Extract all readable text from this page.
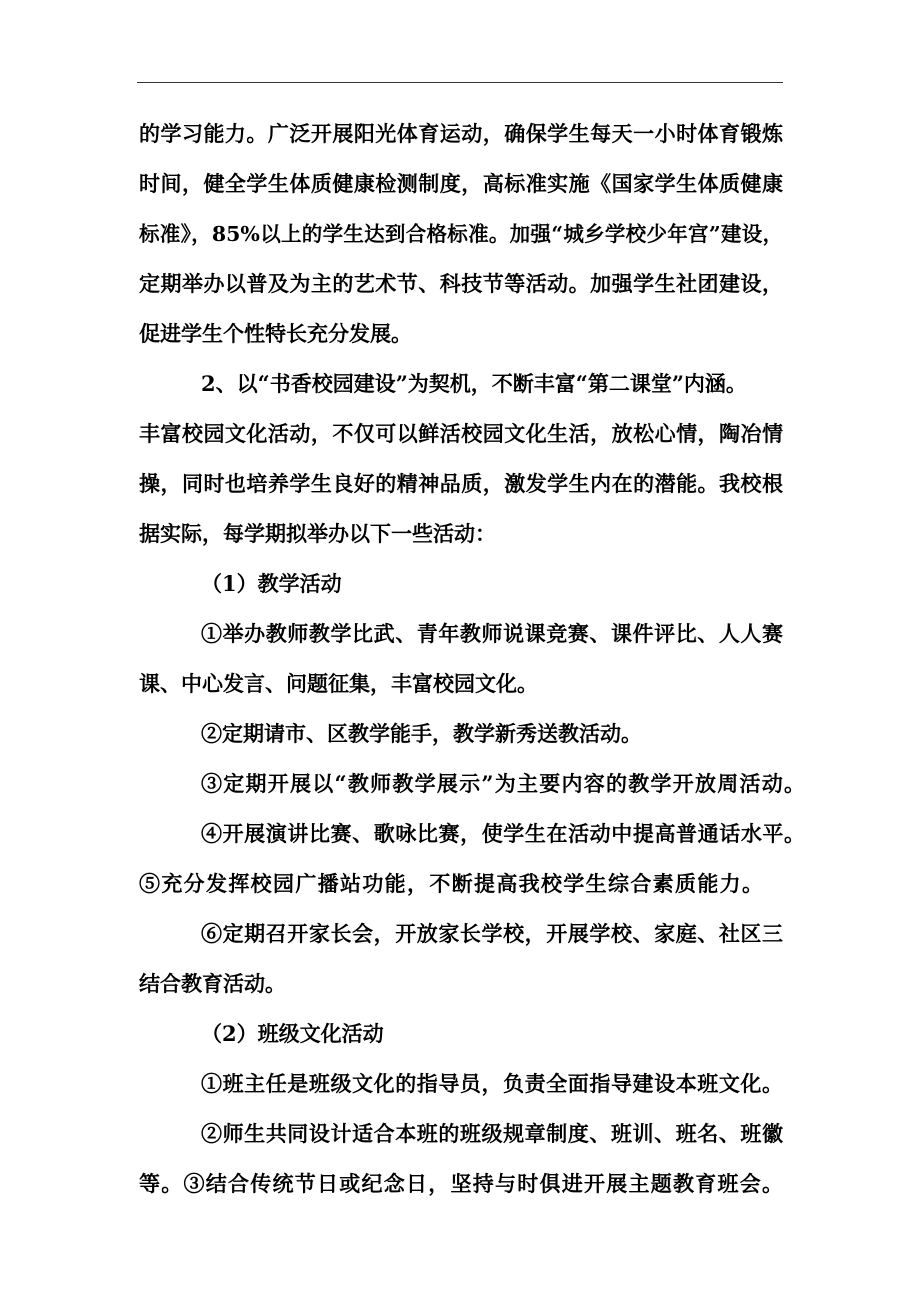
的学习能力。广泛开展阳光体育运动，确保学生每天一小时体育锻炼
时间，健全学生体质健康检测制度，高标准实施《国家学生体质健康
标准》，85%以上的学生达到合格标准。加强“城乡学校少年宫”建设，
定期举办以普及为主的艺术节、科技节等活动。加强学生社团建设，
促进学生个性特长充分发展。
2、以“书香校园建设”为契机，不断丰富“第二课堂”内涵。
丰富校园文化活动，不仅可以鲜活校园文化生活，放松心情，陶冶情
操，同时也培养学生良好的精神品质，激发学生内在的潜能。我校根
据实际，每学期拟举办以下一些活动：
（1）教学活动
①举办教师教学比武、青年教师说课竞赛、课件评比、人人赛
课、中心发言、问题征集，丰富校园文化。
②定期请市、区教学能手，教学新秀送教活动。
③定期开展以“教师教学展示”为主要内容的教学开放周活动。
④开展演讲比赛、歌咏比赛，使学生在活动中提高普通话水平。
⑤充分发挥校园广播站功能，不断提高我校学生综合素质能力。
⑥定期召开家长会，开放家长学校，开展学校、家庭、社区三
结合教育活动。
（2）班级文化活动
①班主任是班级文化的指导员，负责全面指导建设本班文化。
②师生共同设计适合本班的班级规章制度、班训、班名、班徽
等。③结合传统节日或纪念日，坚持与时俱进开展主题教育班会。
